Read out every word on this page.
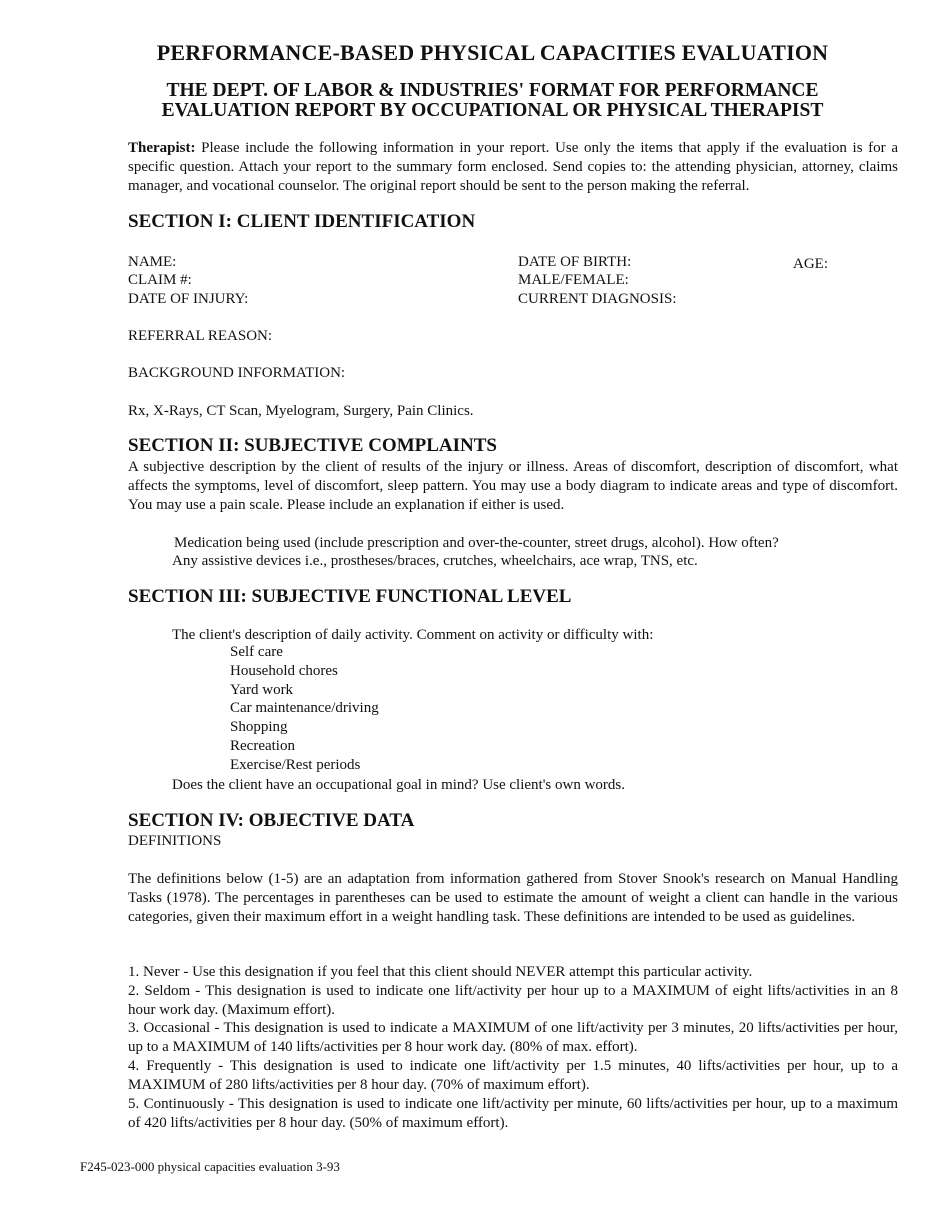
PERFORMANCE-BASED PHYSICAL CAPACITIES EVALUATION
THE DEPT. OF LABOR & INDUSTRIES' FORMAT FOR PERFORMANCE
EVALUATION REPORT BY OCCUPATIONAL OR PHYSICAL THERAPIST
Therapist: Please include the following information in your report. Use only the items that apply if the evaluation is for a specific question. Attach your report to the summary form enclosed. Send copies to: the attending physician, attorney, claims manager, and vocational counselor. The original report should be sent to the person making the referral.
SECTION I: CLIENT IDENTIFICATION
NAME:
CLAIM #:
DATE OF INJURY:
DATE OF BIRTH:
MALE/FEMALE:
CURRENT DIAGNOSIS:
AGE:
REFERRAL REASON:
BACKGROUND INFORMATION:
Rx, X-Rays, CT Scan, Myelogram, Surgery, Pain Clinics.
SECTION II: SUBJECTIVE COMPLAINTS
A subjective description by the client of results of the injury or illness. Areas of discomfort, description of discomfort, what affects the symptoms, level of discomfort, sleep pattern. You may use a body diagram to indicate areas and type of discomfort. You may use a pain scale. Please include an explanation if either is used.
Medication being used (include prescription and over-the-counter, street drugs, alcohol). How often?
Any assistive devices i.e., prostheses/braces, crutches, wheelchairs, ace wrap, TNS, etc.
SECTION III: SUBJECTIVE FUNCTIONAL LEVEL
The client's description of daily activity. Comment on activity or difficulty with:
Self care
Household chores
Yard work
Car maintenance/driving
Shopping
Recreation
Exercise/Rest periods
Does the client have an occupational goal in mind? Use client's own words.
SECTION IV: OBJECTIVE DATA
DEFINITIONS
The definitions below (1-5) are an adaptation from information gathered from Stover Snook's research on Manual Handling Tasks (1978). The percentages in parentheses can be used to estimate the amount of weight a client can handle in the various categories, given their maximum effort in a weight handling task. These definitions are intended to be used as guidelines.
1. Never - Use this designation if you feel that this client should NEVER attempt this particular activity.
2. Seldom - This designation is used to indicate one lift/activity per hour up to a MAXIMUM of eight lifts/activities in an 8 hour work day. (Maximum effort).
3. Occasional - This designation is used to indicate a MAXIMUM of one lift/activity per 3 minutes, 20 lifts/activities per hour, up to a MAXIMUM of 140 lifts/activities per 8 hour work day. (80% of max. effort).
4. Frequently - This designation is used to indicate one lift/activity per 1.5 minutes, 40 lifts/activities per hour, up to a MAXIMUM of 280 lifts/activities per 8 hour day. (70% of maximum effort).
5. Continuously - This designation is used to indicate one lift/activity per minute, 60 lifts/activities per hour, up to a maximum of 420 lifts/activities per 8 hour day. (50% of maximum effort).
F245-023-000 physical capacities evaluation 3-93
